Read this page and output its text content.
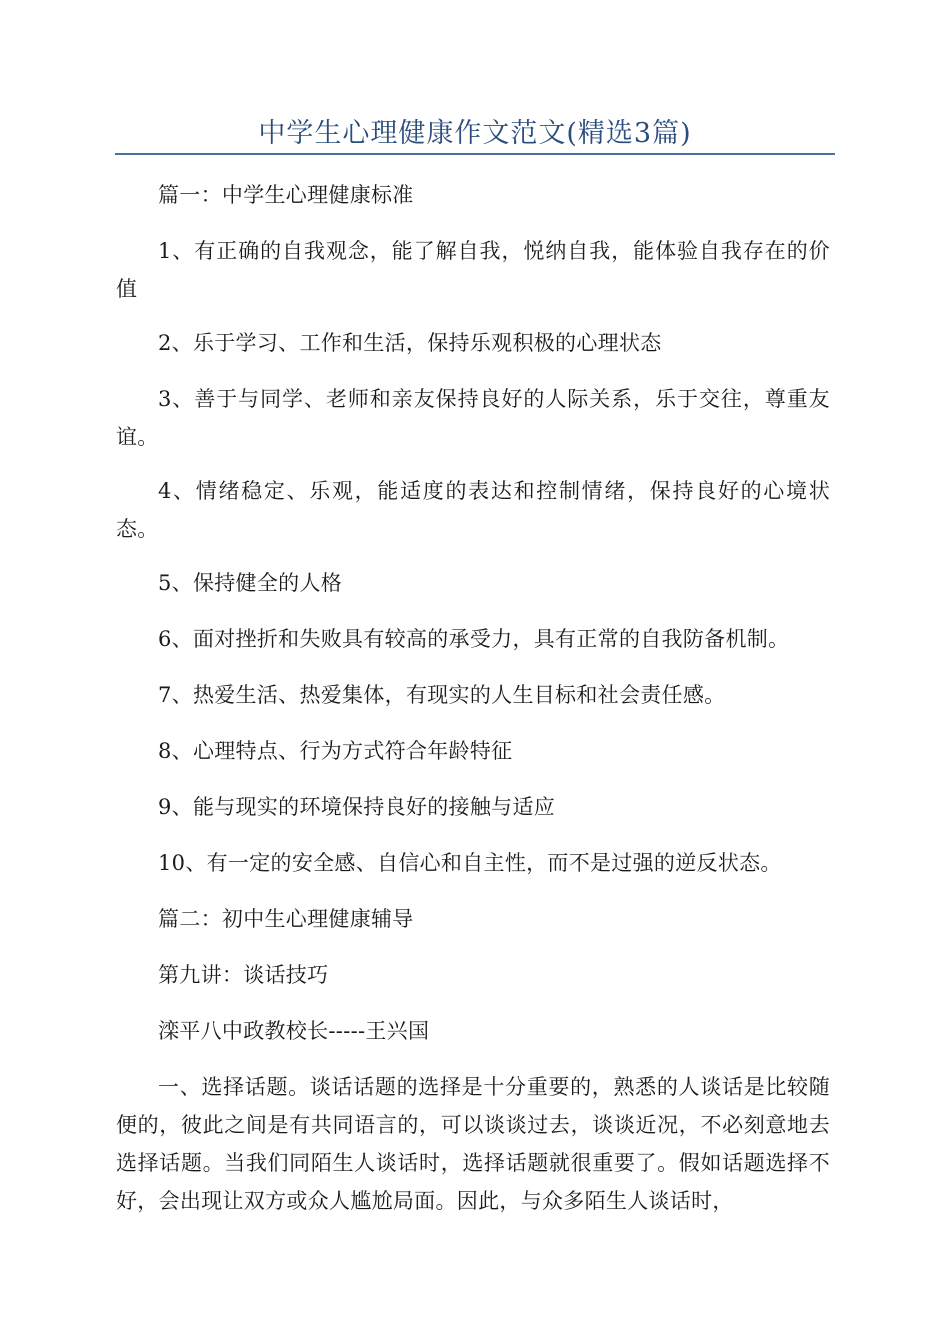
中学生心理健康作文范文(精选3篇)

篇一：中学生心理健康标准

1、有正确的自我观念，能了解自我，悦纳自我，能体验自我存在的价值

2、乐于学习、工作和生活，保持乐观积极的心理状态

3、善于与同学、老师和亲友保持良好的人际关系，乐于交往，尊重友谊。

4、情绪稳定、乐观，能适度的表达和控制情绪，保持良好的心境状态。

5、保持健全的人格

6、面对挫折和失败具有较高的承受力，具有正常的自我防备机制。

7、热爱生活、热爱集体，有现实的人生目标和社会责任感。

8、心理特点、行为方式符合年龄特征

9、能与现实的环境保持良好的接触与适应

10、有一定的安全感、自信心和自主性，而不是过强的逆反状态。

篇二：初中生心理健康辅导

第九讲：谈话技巧

滦平八中政教校长-----王兴国

一、选择话题。谈话话题的选择是十分重要的，熟悉的人谈话是比较随便的，彼此之间是有共同语言的，可以谈谈过去，谈谈近况，不必刻意地去选择话题。当我们同陌生人谈话时，选择话题就很重要了。假如话题选择不好，会出现让双方或众人尴尬局面。因此，与众多陌生人谈话时，
